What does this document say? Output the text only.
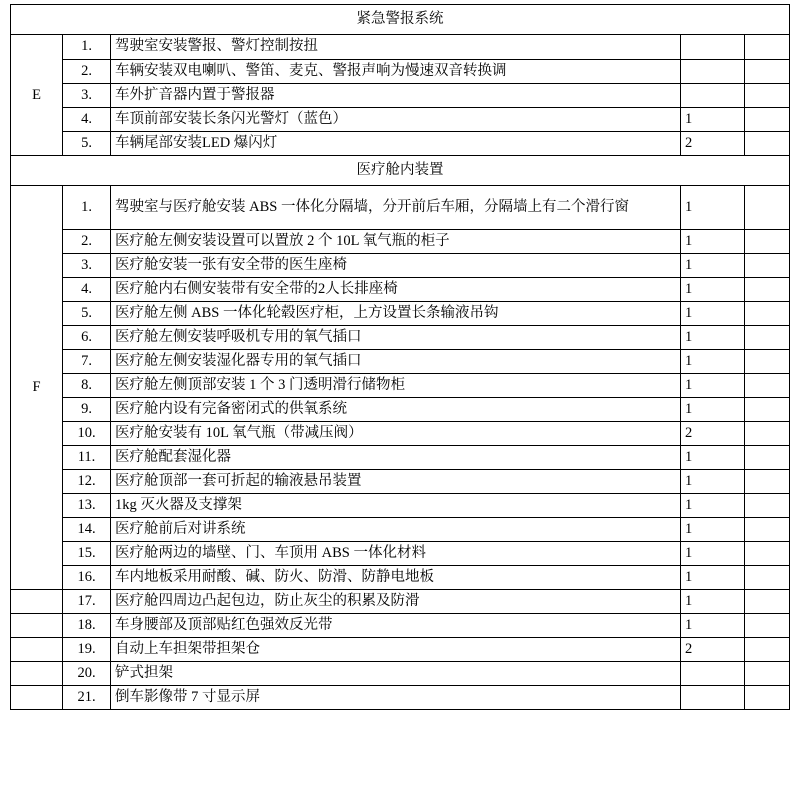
紧急警报系统				
E	1.	驾驶室安装警报、警灯控制按扭		
	2.	车辆安装双电喇叭、警笛、麦克、警报声响为慢速双音转换调		
	3.	车外扩音器内置于警报器		
	4.	车顶前部安装长条闪光警灯（蓝色）	1	
	5.	车辆尾部安装LED 爆闪灯	2	
医疗舱内装置				
F	1.	驾驶室与医疗舱安装 ABS 一体化分隔墙，分开前后车厢，分隔墙上有二个滑行窗	1	
	2.	医疗舱左侧安装设置可以置放 2 个 10L 氧气瓶的柜子	1	
	3.	医疗舱安装一张有安全带的医生座椅	1	
	4.	医疗舱内右侧安装带有安全带的2人长排座椅	1	
	5.	医疗舱左侧 ABS 一体化轮毂医疗柜，上方设置长条输液吊钩	1	
	6.	医疗舱左侧安装呼吸机专用的氧气插口	1	
	7.	医疗舱左侧安装湿化器专用的氧气插口	1	
	8.	医疗舱左侧顶部安装 1 个 3 门透明滑行储物柜	1	
	9.	医疗舱内设有完备密闭式的供氧系统	1	
	10.	医疗舱安装有 10L 氧气瓶（带减压阀）	2	
	11.	医疗舱配套湿化器	1	
	12.	医疗舱顶部一套可折起的输液悬吊装置	1	
	13.	1kg 灭火器及支撑架	1	
	14.	医疗舱前后对讲系统	1	
	15.	医疗舱两边的墙壁、门、车顶用 ABS 一体化材料	1	
	16.	车内地板采用耐酸、碱、防火、防滑、防静电地板	1	
	17.	医疗舱四周边凸起包边，防止灰尘的积累及防滑	1	
	18.	车身腰部及顶部贴红色强效反光带	1	
	19.	自动上车担架带担架仓	2	
	20.	铲式担架		
	21.	倒车影像带 7 寸显示屏		
